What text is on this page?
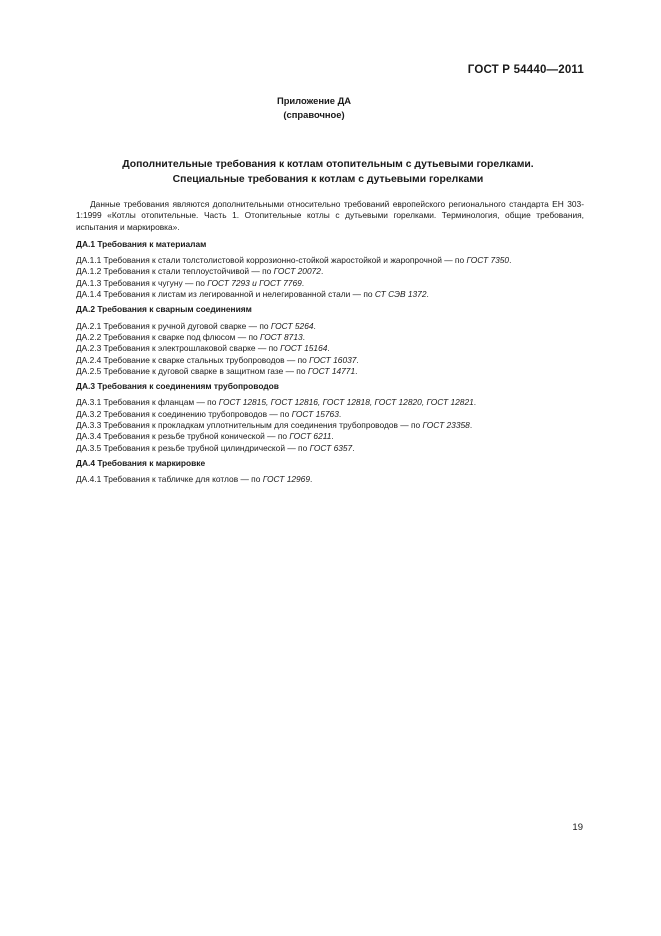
ГОСТ Р 54440—2011
Приложение ДА
(справочное)
Дополнительные требования к котлам отопительным с дутьевыми горелками.
Специальные требования к котлам с дутьевыми горелками

Данные требования являются дополнительными относительно требований европейского регионального стандарта ЕН 303-1:1999 «Котлы отопительные. Часть 1. Отопительные котлы с дутьевыми горелками. Терминология, общие требования, испытания и маркировка».

ДА.1 Требования к материалам

ДА.1.1 Требования к стали толстолистовой коррозионно-стойкой жаростойкой и жаропрочной — по ГОСТ 7350.

ДА.1.2 Требования к стали теплоустойчивой — по ГОСТ 20072.

ДА.1.3 Требования к чугуну — по ГОСТ 7293 и ГОСТ 7769.

ДА.1.4 Требования к листам из легированной и нелегированной стали — по СТ СЭВ 1372.

ДА.2 Требования к сварным соединениям

ДА.2.1 Требования к ручной дуговой сварке — по ГОСТ 5264.

ДА.2.2 Требования к сварке под флюсом — по ГОСТ 8713.

ДА.2.3 Требования к электрошлаковой сварке — по ГОСТ 15164.

ДА.2.4 Требование к сварке стальных трубопроводов — по ГОСТ 16037.

ДА.2.5 Требование к дуговой сварке в защитном газе — по ГОСТ 14771.

ДА.3 Требования к соединениям трубопроводов

ДА.3.1 Требования к фланцам — по ГОСТ 12815, ГОСТ 12816, ГОСТ 12818, ГОСТ 12820, ГОСТ 12821.

ДА.3.2 Требования к соединению трубопроводов — по ГОСТ 15763.

ДА.3.3 Требования к прокладкам уплотнительным для соединения трубопроводов — по ГОСТ 23358.

ДА.3.4 Требования к резьбе трубной конической — по ГОСТ 6211.

ДА.3.5 Требования к резьбе трубной цилиндрической — по ГОСТ 6357.

ДА.4 Требования к маркировке

ДА.4.1 Требования к табличке для котлов — по ГОСТ 12969.

19
